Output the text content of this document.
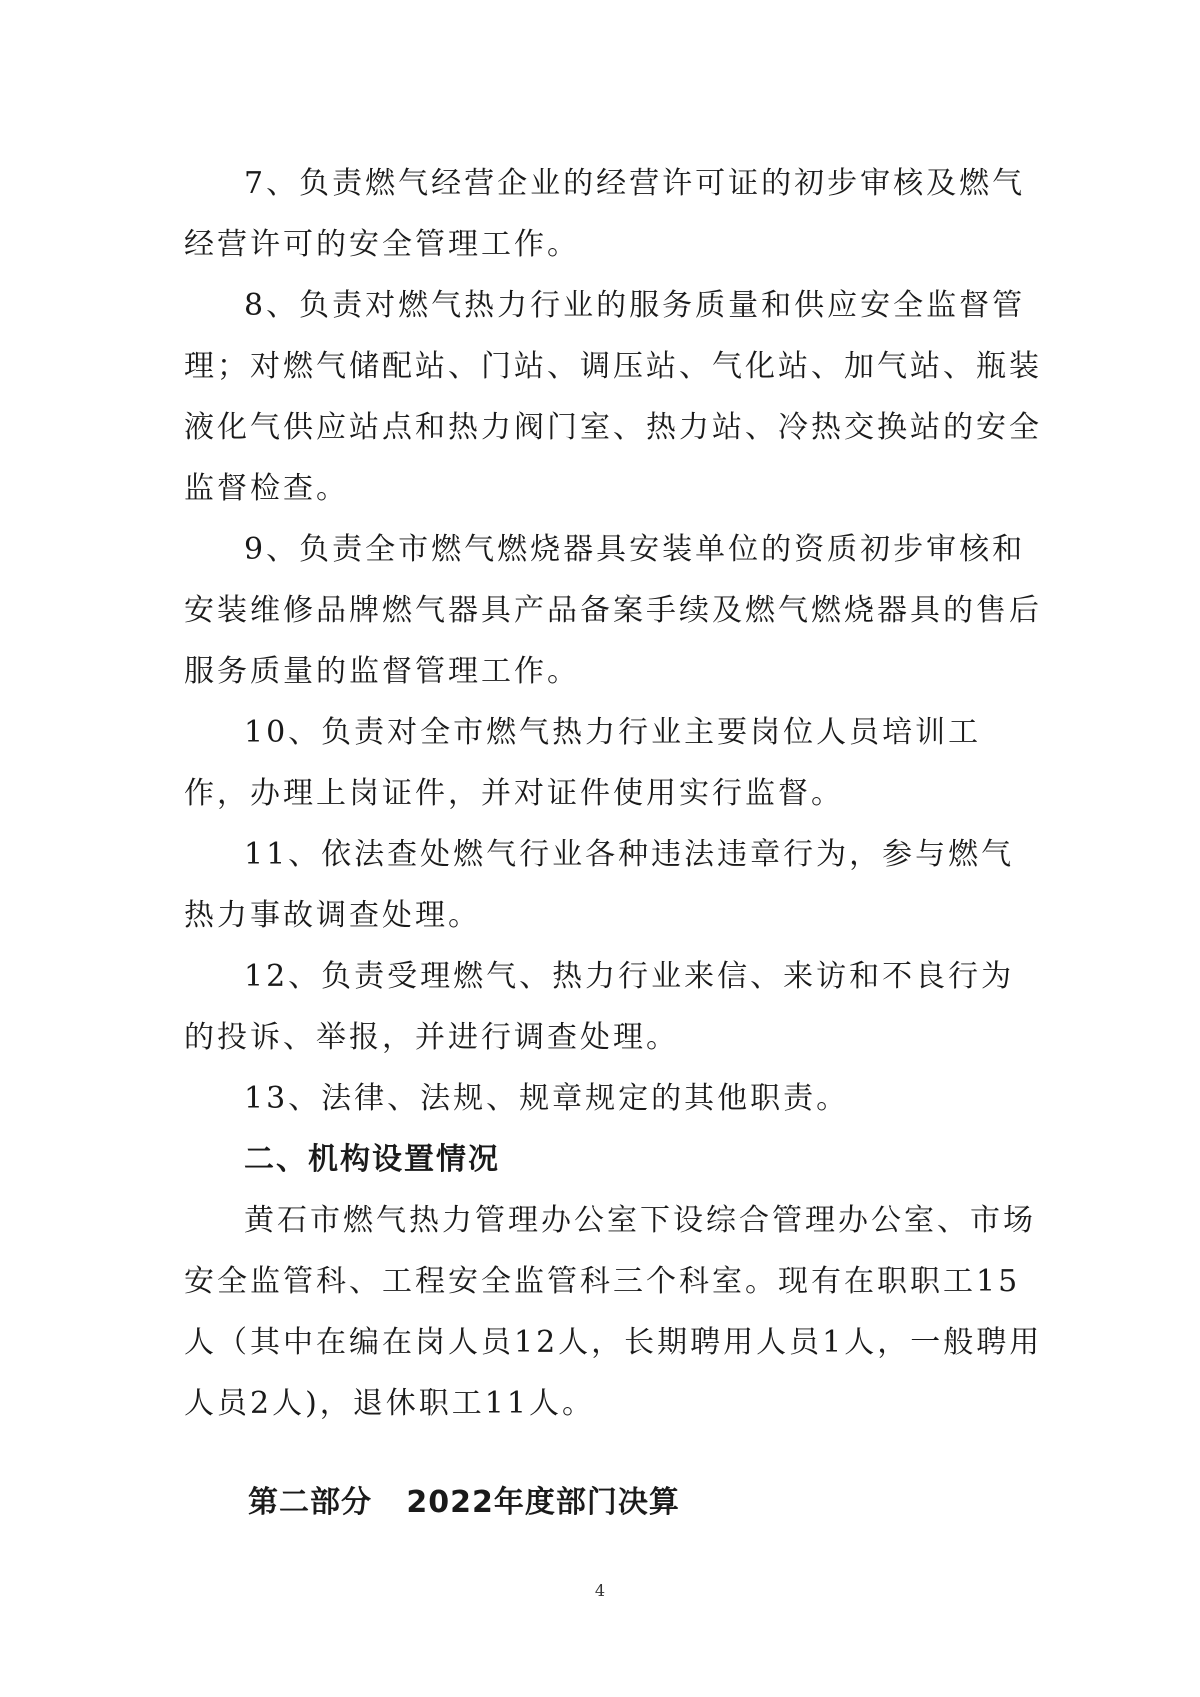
7、负责燃气经营企业的经营许可证的初步审核及燃气经营许可的安全管理工作。

8、负责对燃气热力行业的服务质量和供应安全监督管理；对燃气储配站、门站、调压站、气化站、加气站、瓶装液化气供应站点和热力阀门室、热力站、冷热交换站的安全监督检查。

9、负责全市燃气燃烧器具安装单位的资质初步审核和安装维修品牌燃气器具产品备案手续及燃气燃烧器具的售后服务质量的监督管理工作。

10、负责对全市燃气热力行业主要岗位人员培训工作，办理上岗证件，并对证件使用实行监督。

11、依法查处燃气行业各种违法违章行为，参与燃气热力事故调查处理。

12、负责受理燃气、热力行业来信、来访和不良行为的投诉、举报，并进行调查处理。

13、法律、法规、规章规定的其他职责。

二、机构设置情况

黄石市燃气热力管理办公室下设综合管理办公室、市场安全监管科、工程安全监管科三个科室。现有在职职工15人（其中在编在岗人员12人，长期聘用人员1人，一般聘用人员2人)，退休职工11人。

第二部分   2022年度部门决算
4
